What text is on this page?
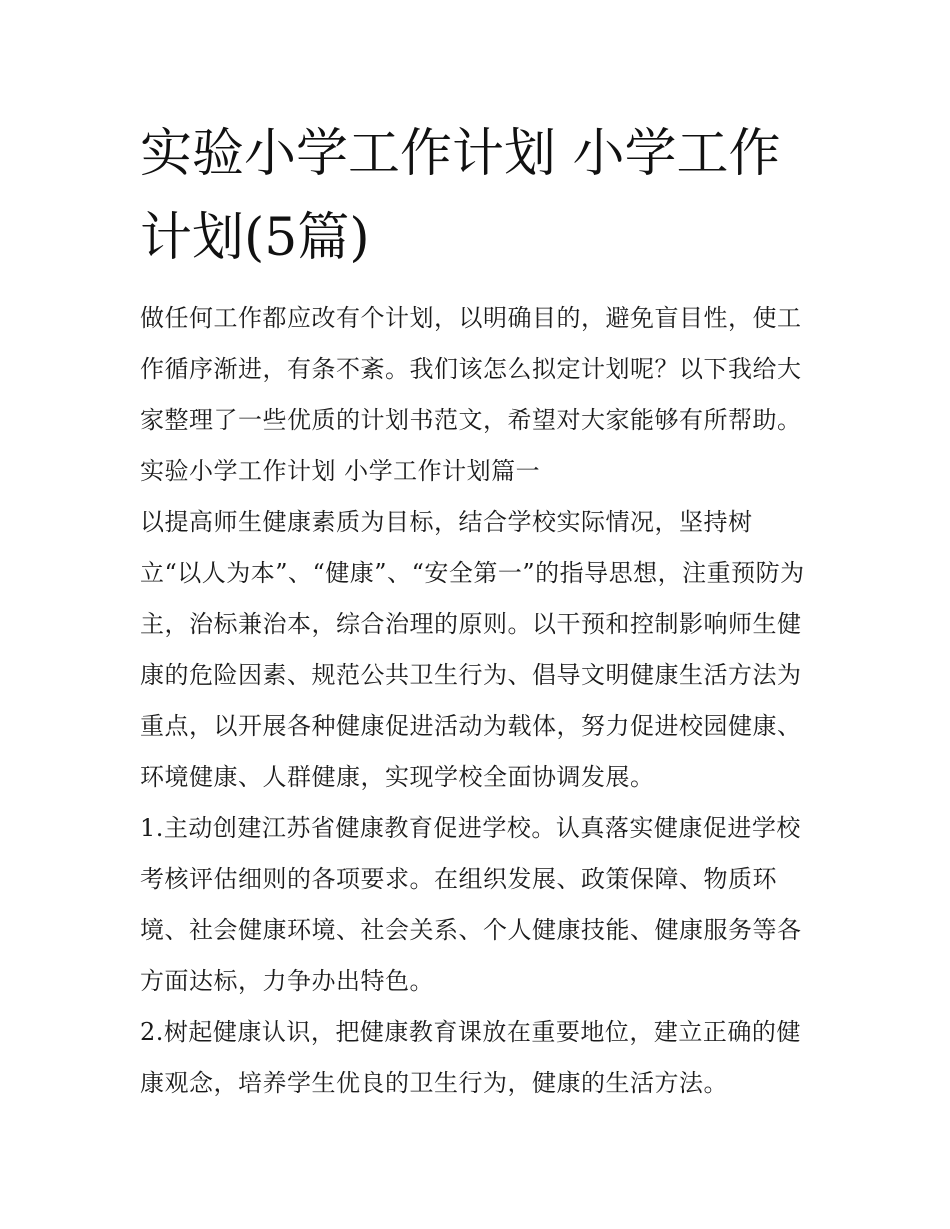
实验小学工作计划 小学工作计划(5篇)

做任何工作都应改有个计划，以明确目的，避免盲目性，使工作循序渐进，有条不紊。我们该怎么拟定计划呢？以下我给大家整理了一些优质的计划书范文，希望对大家能够有所帮助。

实验小学工作计划 小学工作计划篇一

以提高师生健康素质为目标，结合学校实际情况，坚持树立“以人为本”、“健康”、“安全第一”的指导思想，注重预防为主，治标兼治本，综合治理的原则。以干预和控制影响师生健康的危险因素、规范公共卫生行为、倡导文明健康生活方法为重点，以开展各种健康促进活动为载体，努力促进校园健康、环境健康、人群健康，实现学校全面协调发展。

1.主动创建江苏省健康教育促进学校。认真落实健康促进学校考核评估细则的各项要求。在组织发展、政策保障、物质环境、社会健康环境、社会关系、个人健康技能、健康服务等各方面达标，力争办出特色。

2.树起健康认识，把健康教育课放在重要地位，建立正确的健康观念，培养学生优良的卫生行为，健康的生活方法。
